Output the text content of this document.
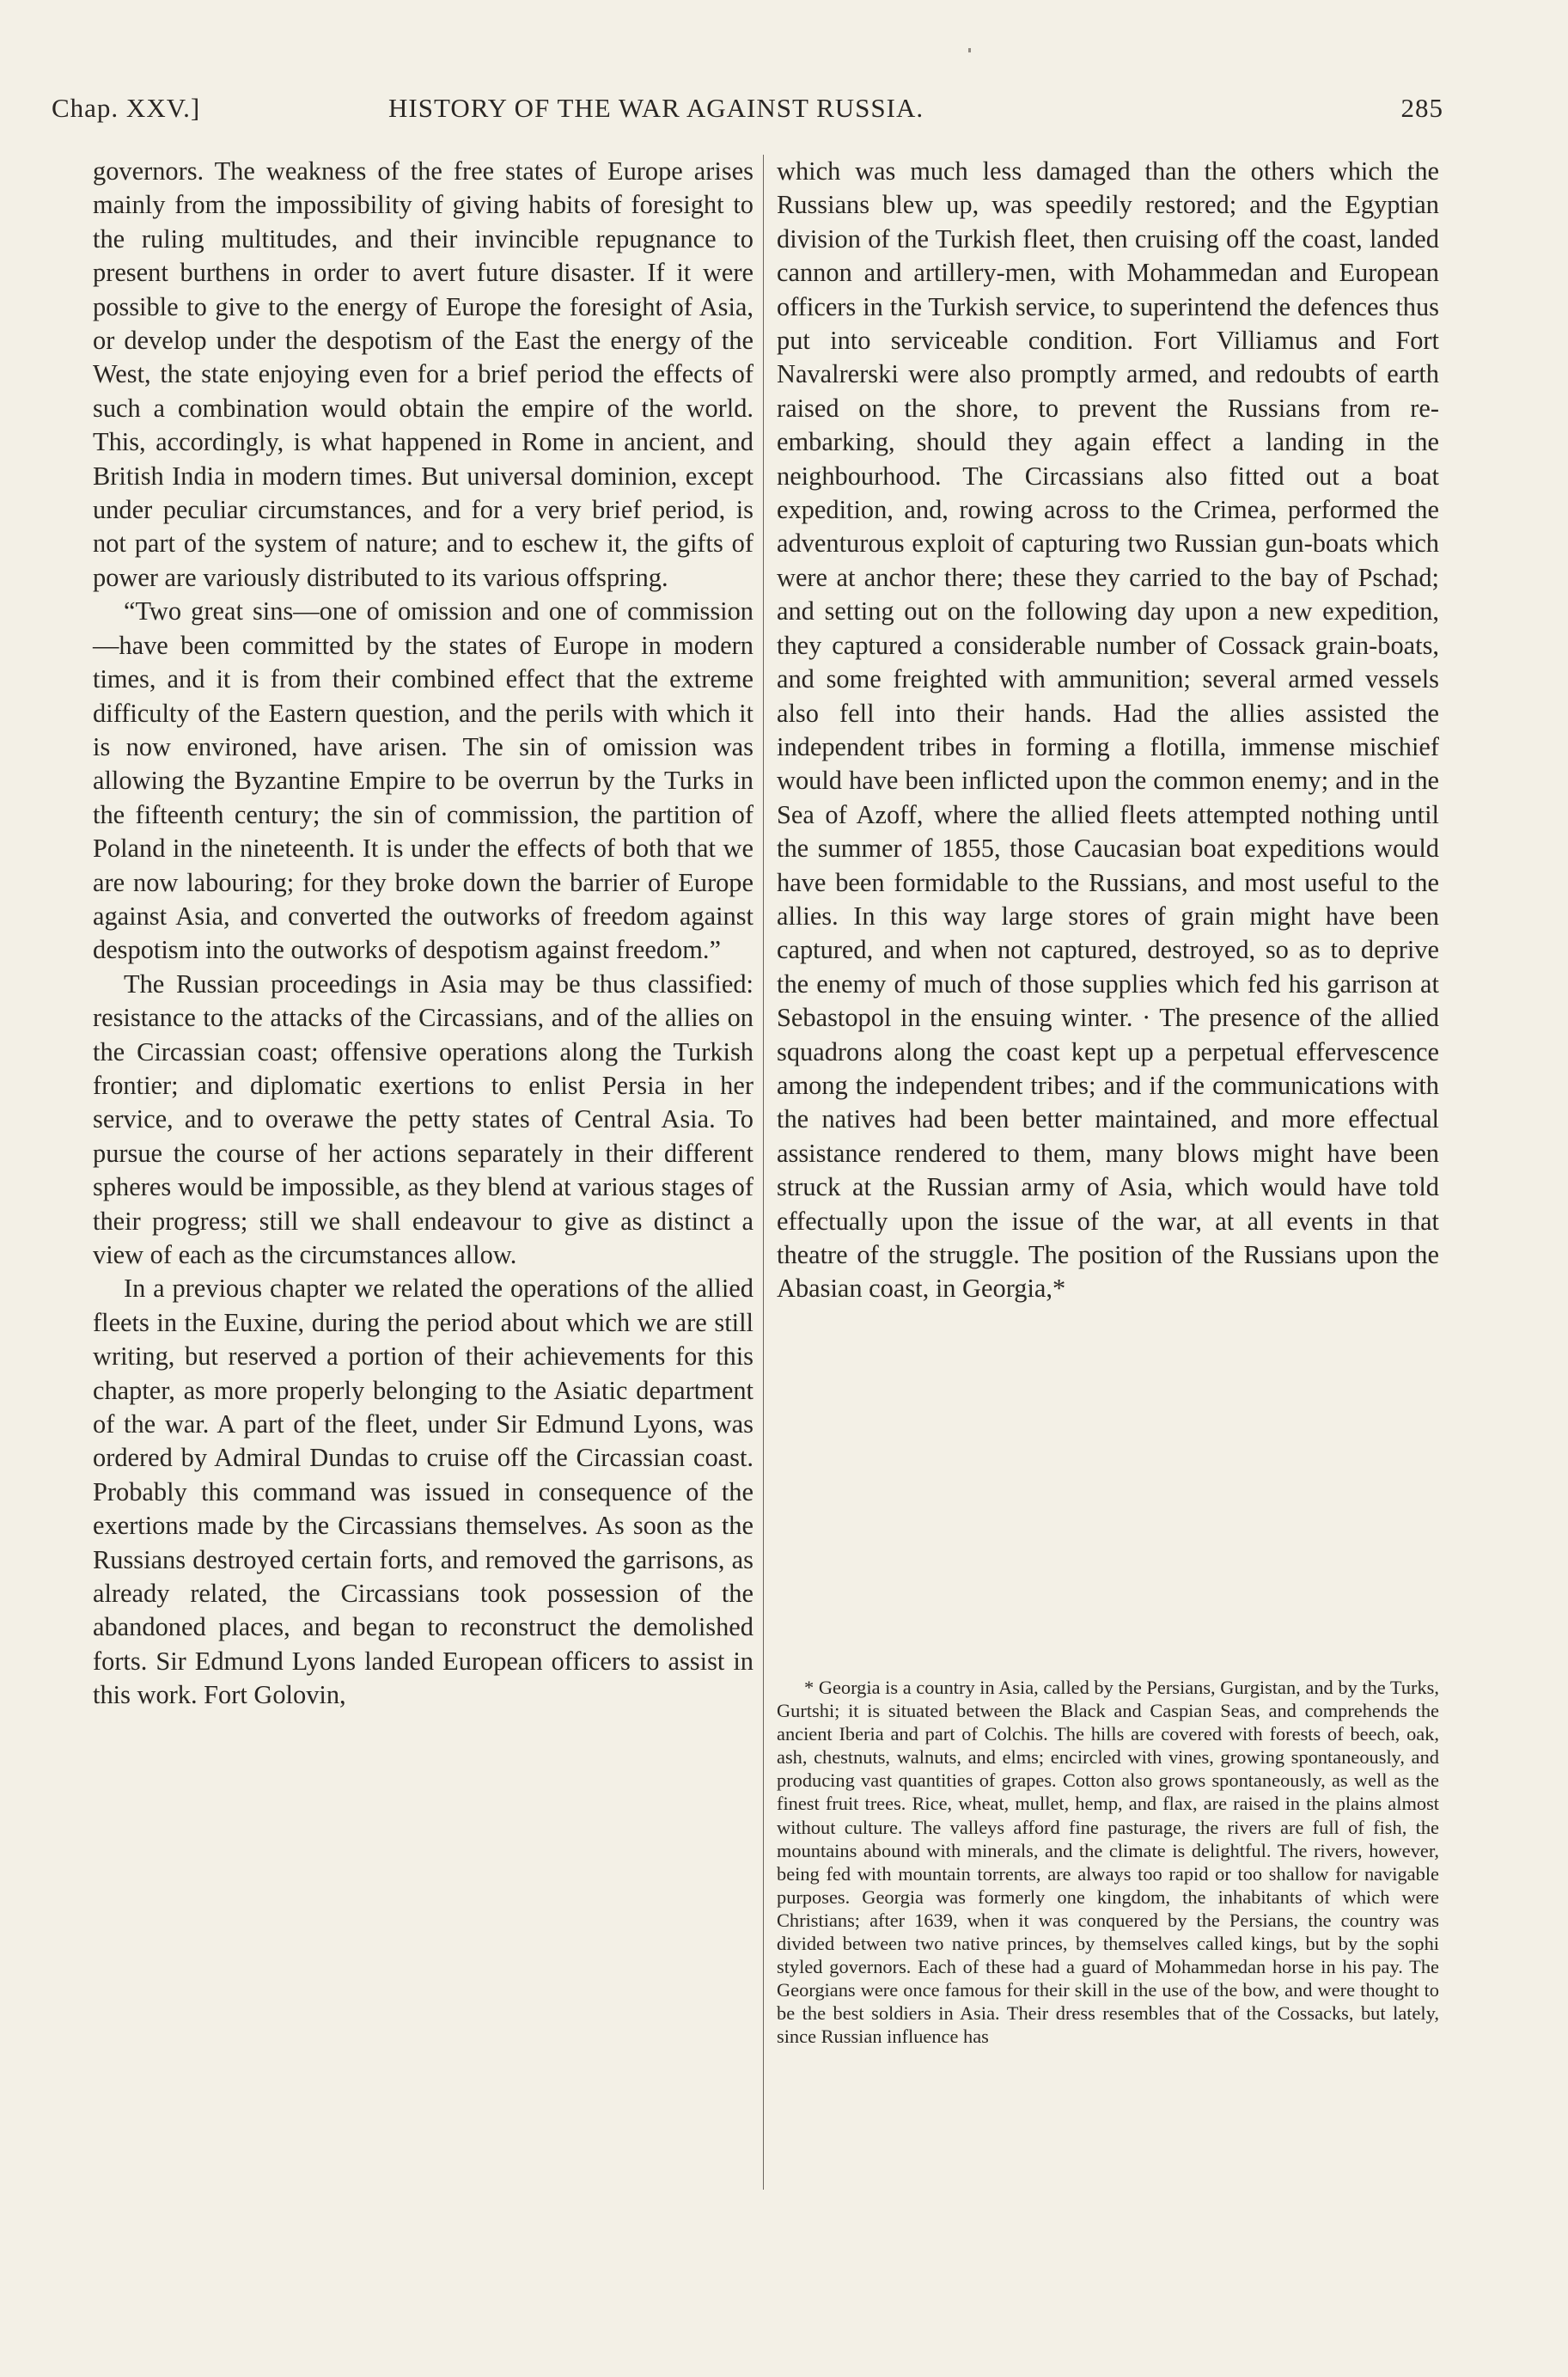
Chap. XXV.]	HISTORY OF THE WAR AGAINST RUSSIA.	285

governors. The weakness of the free states of Europe arises mainly from the impossibility of giving habits of foresight to the ruling multitudes, and their invincible repugnance to present burthens in order to avert future disaster. If it were possible to give to the energy of Europe the foresight of Asia, or develop under the despotism of the East the energy of the West, the state enjoying even for a brief period the effects of such a combination would obtain the empire of the world. This, accordingly, is what happened in Rome in ancient, and British India in modern times. But universal dominion, except under peculiar circumstances, and for a very brief period, is not part of the system of nature; and to eschew it, the gifts of power are variously distributed to its various offspring.

“Two great sins—one of omission and one of commission—have been committed by the states of Europe in modern times, and it is from their combined effect that the extreme difficulty of the Eastern question, and the perils with which it is now environed, have arisen. The sin of omission was allowing the Byzantine Empire to be overrun by the Turks in the fifteenth century; the sin of commission, the partition of Poland in the nineteenth. It is under the effects of both that we are now labouring; for they broke down the barrier of Europe against Asia, and converted the outworks of freedom against despotism into the outworks of despotism against freedom.”

The Russian proceedings in Asia may be thus classified: resistance to the attacks of the Circassians, and of the allies on the Circassian coast; offensive operations along the Turkish frontier; and diplomatic exertions to enlist Persia in her service, and to overawe the petty states of Central Asia. To pursue the course of her actions separately in their different spheres would be impossible, as they blend at various stages of their progress; still we shall endeavour to give as distinct a view of each as the circumstances allow.

In a previous chapter we related the operations of the allied fleets in the Euxine, during the period about which we are still writing, but reserved a portion of their achievements for this chapter, as more properly belonging to the Asiatic department of the war. A part of the fleet, under Sir Edmund Lyons, was ordered by Admiral Dundas to cruise off the Circassian coast. Probably this command was issued in consequence of the exertions made by the Circassians themselves. As soon as the Russians destroyed certain forts, and removed the garrisons, as already related, the Circassians took possession of the abandoned places, and began to reconstruct the demolished forts. Sir Edmund Lyons landed European officers to assist in this work. Fort Golovin,

which was much less damaged than the others which the Russians blew up, was speedily restored; and the Egyptian division of the Turkish fleet, then cruising off the coast, landed cannon and artillery-men, with Mohammedan and European officers in the Turkish service, to superintend the defences thus put into serviceable condition. Fort Villiamus and Fort Navalrerski were also promptly armed, and redoubts of earth raised on the shore, to prevent the Russians from re-embarking, should they again effect a landing in the neighbourhood. The Circassians also fitted out a boat expedition, and, rowing across to the Crimea, performed the adventurous exploit of capturing two Russian gun-boats which were at anchor there; these they carried to the bay of Pschad; and setting out on the following day upon a new expedition, they captured a considerable number of Cossack grain-boats, and some freighted with ammunition; several armed vessels also fell into their hands. Had the allies assisted the independent tribes in forming a flotilla, immense mischief would have been inflicted upon the common enemy; and in the Sea of Azoff, where the allied fleets attempted nothing until the summer of 1855, those Caucasian boat expeditions would have been formidable to the Russians, and most useful to the allies. In this way large stores of grain might have been captured, and when not captured, destroyed, so as to deprive the enemy of much of those supplies which fed his garrison at Sebastopol in the ensuing winter. · The presence of the allied squadrons along the coast kept up a perpetual effervescence among the independent tribes; and if the communications with the natives had been better maintained, and more effectual assistance rendered to them, many blows might have been struck at the Russian army of Asia, which would have told effectually upon the issue of the war, at all events in that theatre of the struggle. The position of the Russians upon the Abasian coast, in Georgia,*

* Georgia is a country in Asia, called by the Persians, Gurgistan, and by the Turks, Gurtshi; it is situated between the Black and Caspian Seas, and comprehends the ancient Iberia and part of Colchis. The hills are covered with forests of beech, oak, ash, chestnuts, walnuts, and elms; encircled with vines, growing spontaneously, and producing vast quantities of grapes. Cotton also grows spontaneously, as well as the finest fruit trees. Rice, wheat, mullet, hemp, and flax, are raised in the plains almost without culture. The valleys afford fine pasturage, the rivers are full of fish, the mountains abound with minerals, and the climate is delightful. The rivers, however, being fed with mountain torrents, are always too rapid or too shallow for navigable purposes. Georgia was formerly one kingdom, the inhabitants of which were Christians; after 1639, when it was conquered by the Persians, the country was divided between two native princes, by themselves called kings, but by the sophi styled governors. Each of these had a guard of Mohammedan horse in his pay. The Georgians were once famous for their skill in the use of the bow, and were thought to be the best soldiers in Asia. Their dress resembles that of the Cossacks, but lately, since Russian influence has
